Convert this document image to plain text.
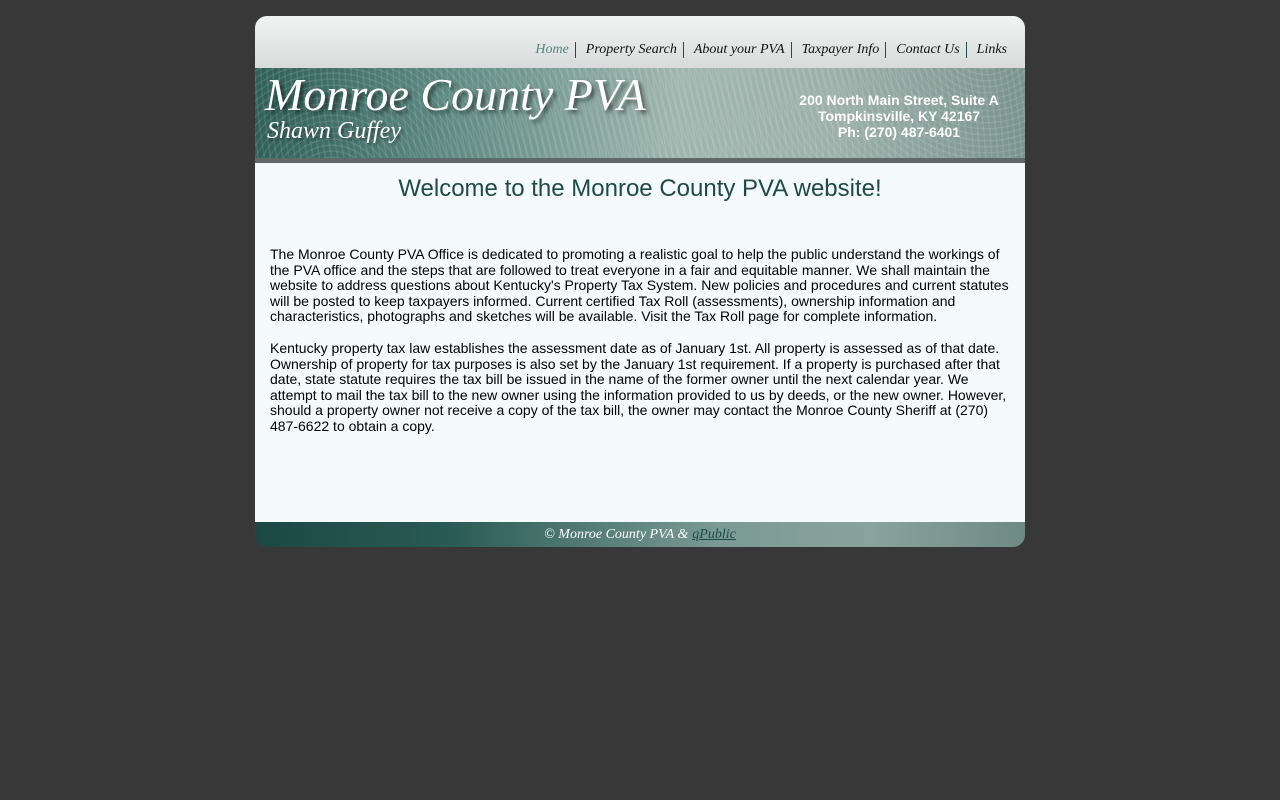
Home	Property Search	About your PVA	Taxpayer Info	Contact Us	Links
Monroe County PVA
Shawn Guffey
200 North Main Street, Suite A
Tompkinsville, KY 42167
Ph: (270) 487-6401
Welcome to the Monroe County PVA website!

The Monroe County PVA Office is dedicated to promoting a realistic goal to help the public understand the workings of the PVA office and the steps that are followed to treat everyone in a fair and equitable manner. We shall maintain the website to address questions about Kentucky's Property Tax System. New policies and procedures and current statutes will be posted to keep taxpayers informed. Current certified Tax Roll (assessments), ownership information and characteristics, photographs and sketches will be available. Visit the Tax Roll page for complete information.

Kentucky property tax law establishes the assessment date as of January 1st. All property is assessed as of that date. Ownership of property for tax purposes is also set by the January 1st requirement. If a property is purchased after that date, state statute requires the tax bill be issued in the name of the former owner until the next calendar year. We attempt to mail the tax bill to the new owner using the information provided to us by deeds, or the new owner. However, should a property owner not receive a copy of the tax bill, the owner may contact the Monroe County Sheriff at (270) 487-6622 to obtain a copy.

© Monroe County PVA & qPublic
